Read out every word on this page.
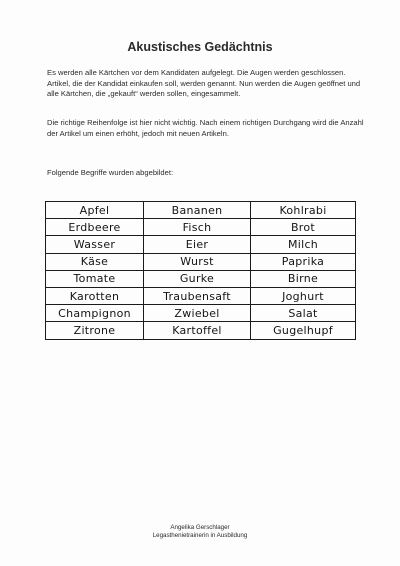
Akustisches Gedächtnis

Es werden alle Kärtchen vor dem Kandidaten aufgelegt. Die Augen werden geschlossen. Artikel, die der Kandidat einkaufen soll, werden genannt. Nun werden die Augen geöffnet und alle Kärtchen, die „gekauft“ werden sollen, eingesammelt.

Die richtige Reihenfolge ist hier nicht wichtig. Nach einem richtigen Durchgang wird die Anzahl der Artikel um einen erhöht, jedoch mit neuen Artikeln.

Folgende Begriffe wurden abgebildet:
Apfel	Bananen	Kohlrabi
Erdbeere	Fisch	Brot
Wasser	Eier	Milch
Käse	Wurst	Paprika
Tomate	Gurke	Birne
Karotten	Traubensaft	Joghurt
Champignon	Zwiebel	Salat
Zitrone	Kartoffel	Gugelhupf
Angelika Gerschlager
Legasthenietrainerin in Ausbildung
